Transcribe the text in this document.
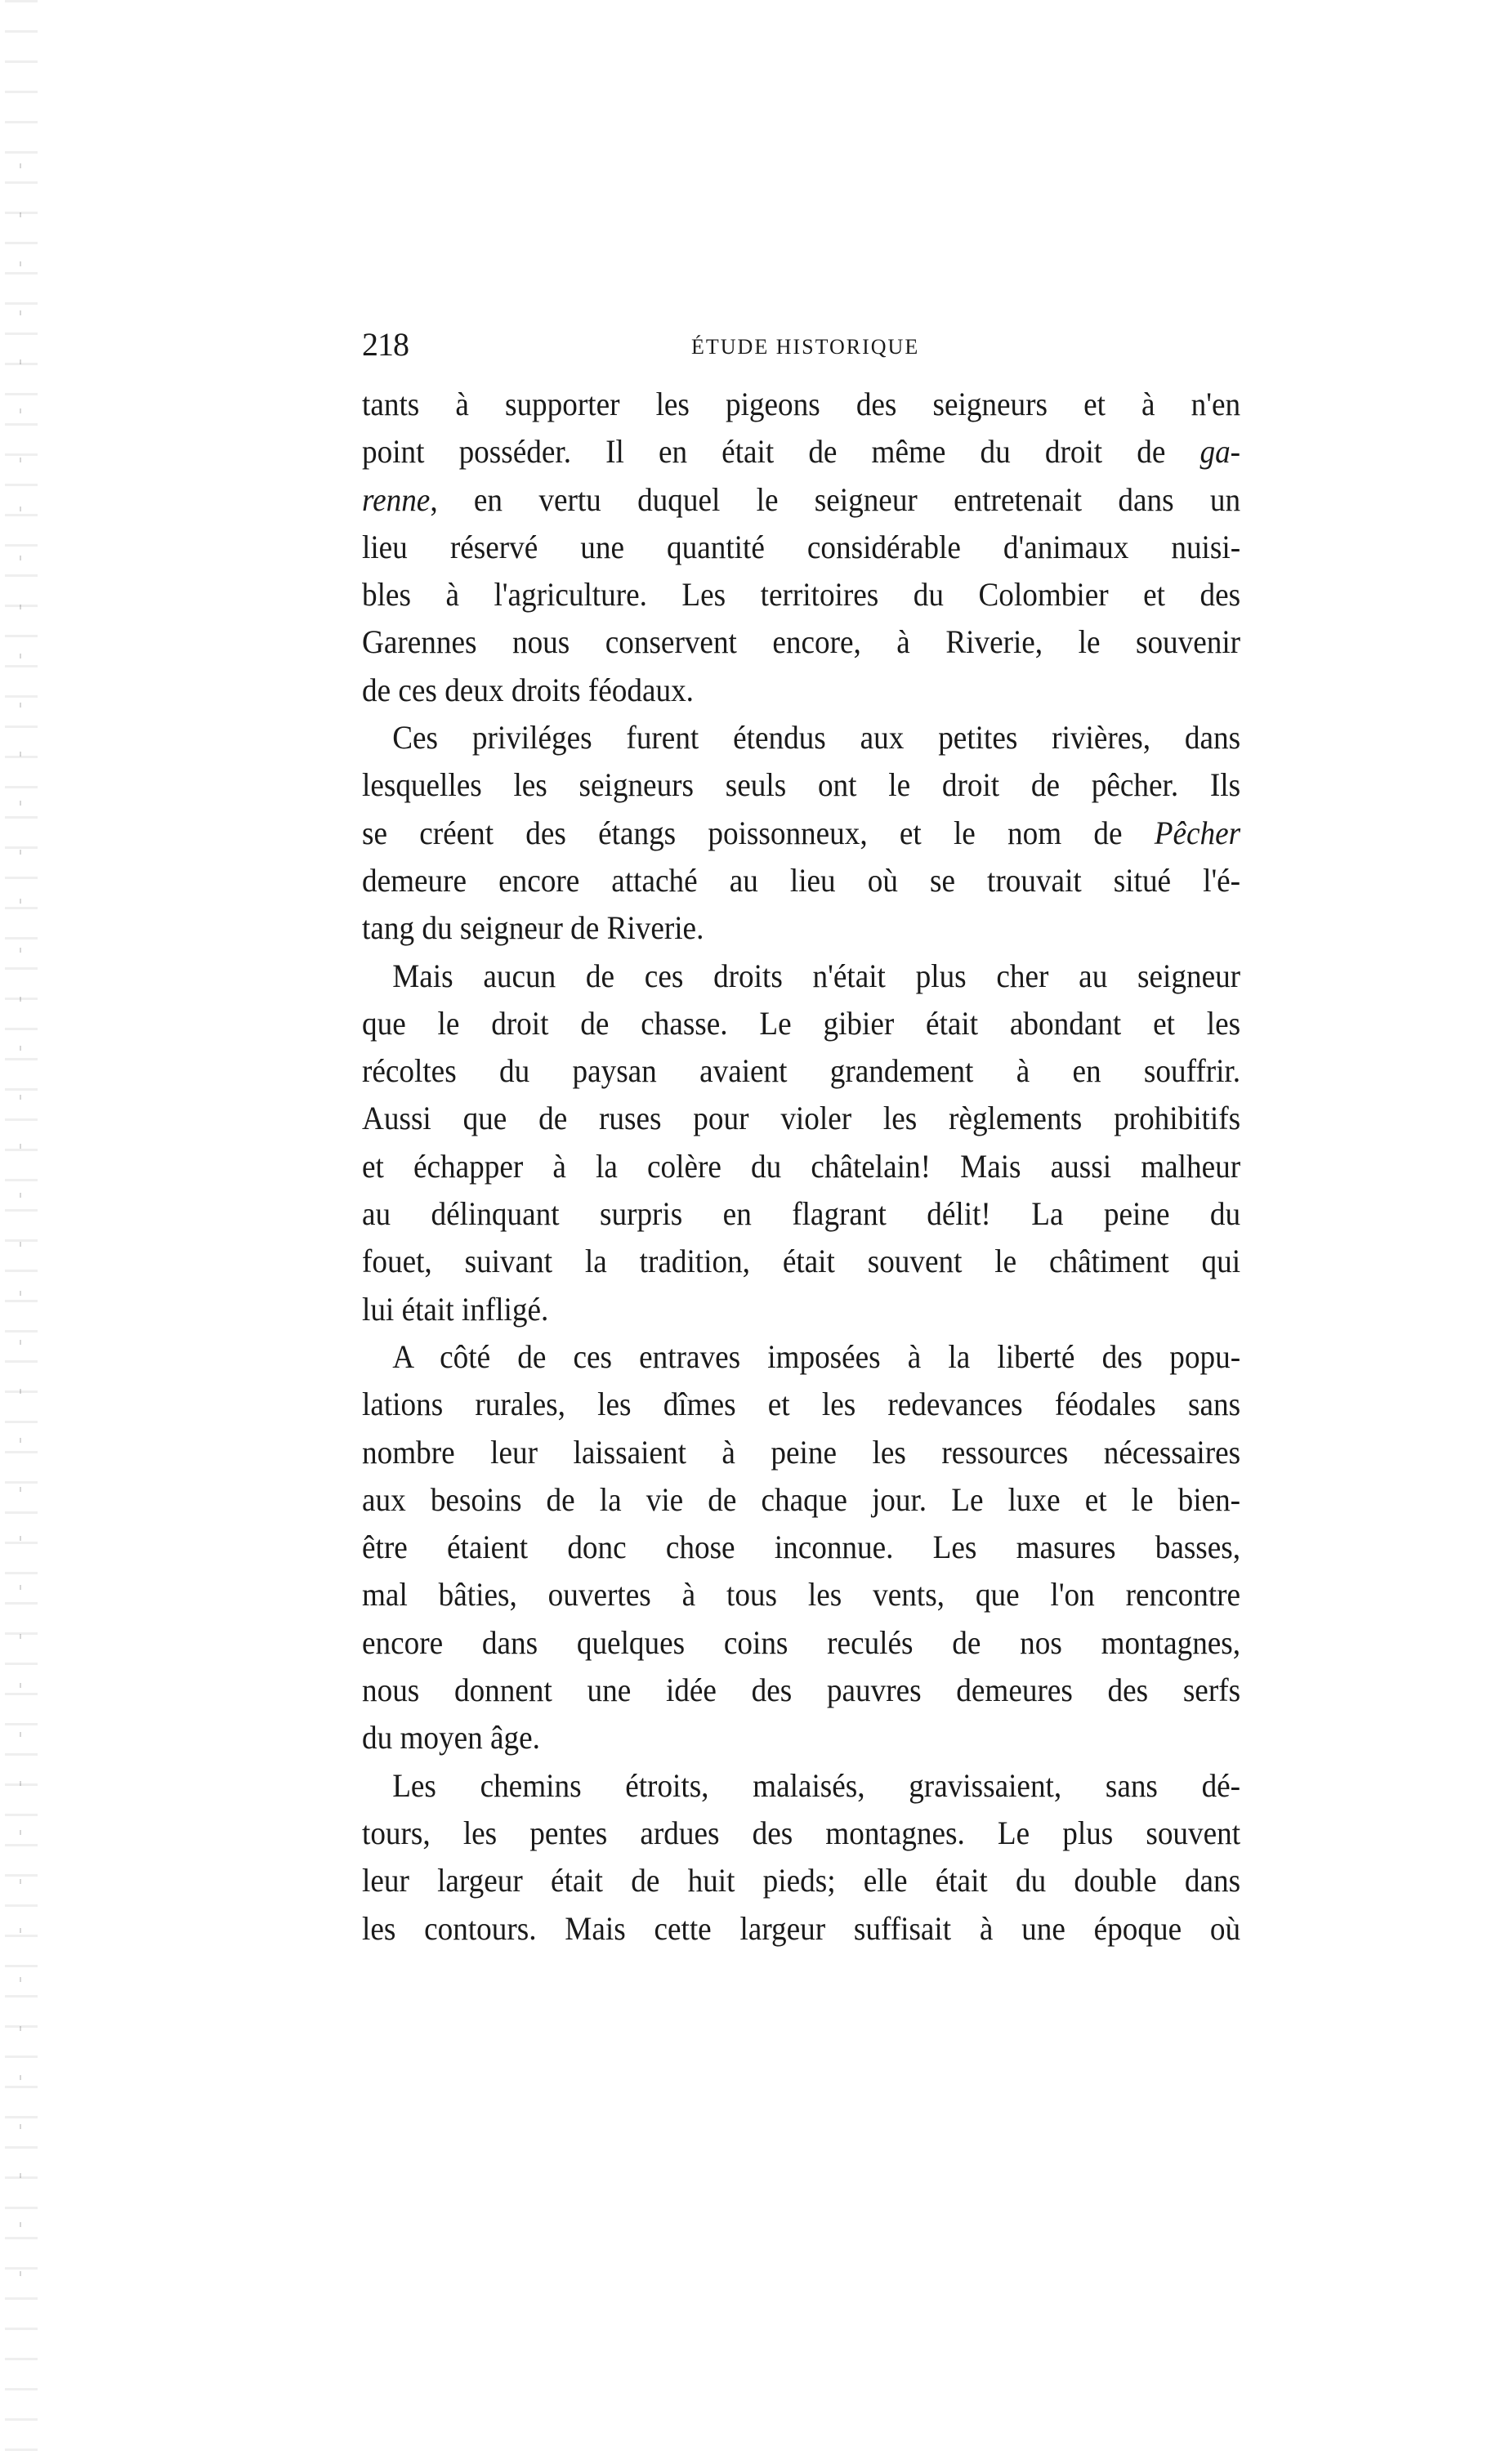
218	ÉTUDE HISTORIQUE
tants à supporter les pigeons des seigneurs et à n'en
point posséder. Il en était de même du droit de ga-
renne, en vertu duquel le seigneur entretenait dans un
lieu réservé une quantité considérable d'animaux nuisi-
bles à l'agriculture. Les territoires du Colombier et des
Garennes nous conservent encore, à Riverie, le souvenir
de ces deux droits féodaux.
Ces priviléges furent étendus aux petites rivières, dans
lesquelles les seigneurs seuls ont le droit de pêcher. Ils
se créent des étangs poissonneux, et le nom de Pêcher
demeure encore attaché au lieu où se trouvait situé l'é-
tang du seigneur de Riverie.
Mais aucun de ces droits n'était plus cher au seigneur
que le droit de chasse. Le gibier était abondant et les
récoltes du paysan avaient grandement à en souffrir.
Aussi que de ruses pour violer les règlements prohibitifs
et échapper à la colère du châtelain! Mais aussi malheur
au délinquant surpris en flagrant délit! La peine du
fouet, suivant la tradition, était souvent le châtiment qui
lui était infligé.
A côté de ces entraves imposées à la liberté des popu-
lations rurales, les dîmes et les redevances féodales sans
nombre leur laissaient à peine les ressources nécessaires
aux besoins de la vie de chaque jour. Le luxe et le bien-
être étaient donc chose inconnue. Les masures basses,
mal bâties, ouvertes à tous les vents, que l'on rencontre
encore dans quelques coins reculés de nos montagnes,
nous donnent une idée des pauvres demeures des serfs
du moyen âge.
Les chemins étroits, malaisés, gravissaient, sans dé-
tours, les pentes ardues des montagnes. Le plus souvent
leur largeur était de huit pieds; elle était du double dans
les contours. Mais cette largeur suffisait à une époque où
